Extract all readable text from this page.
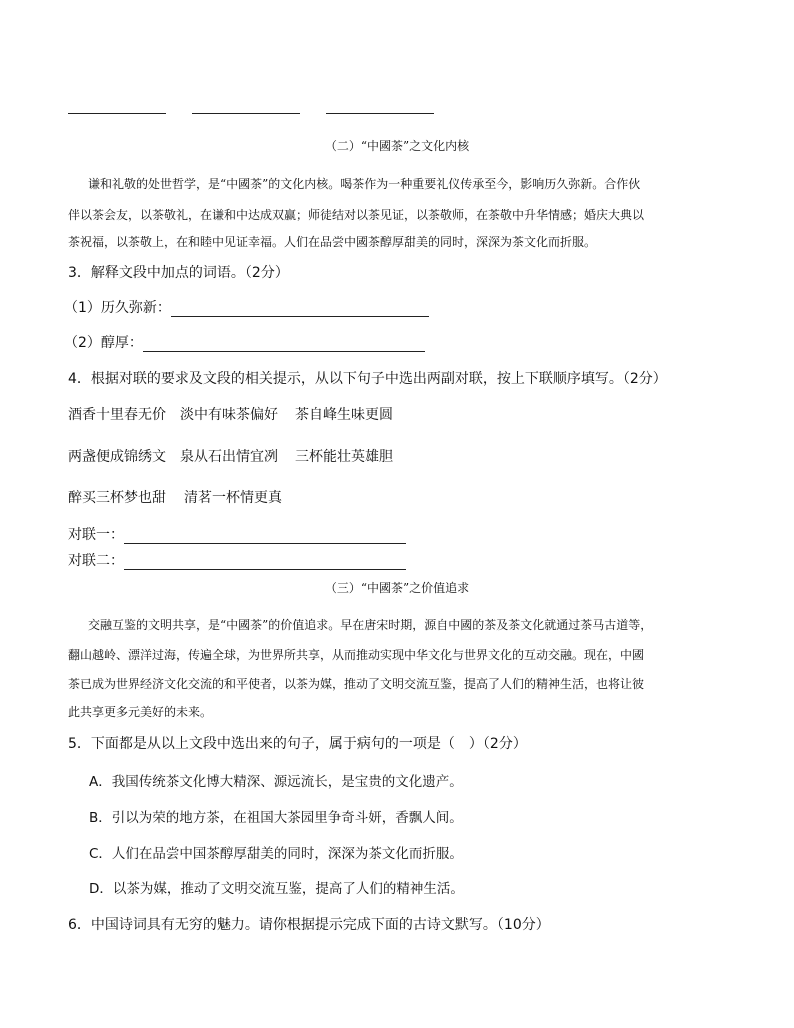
（二）“中國茶”之文化内核
谦和礼敬的处世哲学，是“中國茶”的文化内核。喝茶作为一种重要礼仪传承至今，影响历久弥新。合作伙
伴以茶会友，以茶敬礼，在谦和中达成双赢；师徒结对以茶见证，以茶敬师，在茶敬中升华情感；婚庆大典以
茶祝福，以茶敬上，在和睦中见证幸福。人们在品尝中國茶醇厚甜美的同时，深深为茶文化而折服。
3．解释文段中加点的词语。（2分）
（1）历久弥新：
（2）醇厚：
4．根据对联的要求及文段的相关提示，从以下句子中选出两副对联，按上下联顺序填写。（2分）
酒香十里春无价 淡中有味茶偏好 茶自峰生味更圆
两盏便成锦绣文 泉从石出情宜冽 三杯能壮英雄胆
醉买三杯梦也甜 清茗一杯情更真
对联一：
对联二：
（三）“中國茶”之价值追求
交融互鉴的文明共享，是“中國茶”的价值追求。早在唐宋时期，源自中國的茶及茶文化就通过茶马古道等，
翻山越岭、漂洋过海，传遍全球，为世界所共享，从而推动实现中华文化与世界文化的互动交融。现在，中國
茶已成为世界经济文化交流的和平使者，以茶为媒，推动了文明交流互鉴，提高了人们的精神生活，也将让彼
此共享更多元美好的未来。
5．下面都是从以上文段中选出来的句子，属于病句的一项是（　）（2分）
A．我国传统茶文化博大精深、源远流长，是宝贵的文化遗产。
B．引以为荣的地方茶，在祖国大茶园里争奇斗妍，香飘人间。
C．人们在品尝中国茶醇厚甜美的同时，深深为茶文化而折服。
D．以茶为媒，推动了文明交流互鉴，提高了人们的精神生活。
6．中国诗词具有无穷的魅力。请你根据提示完成下面的古诗文默写。（10分）
